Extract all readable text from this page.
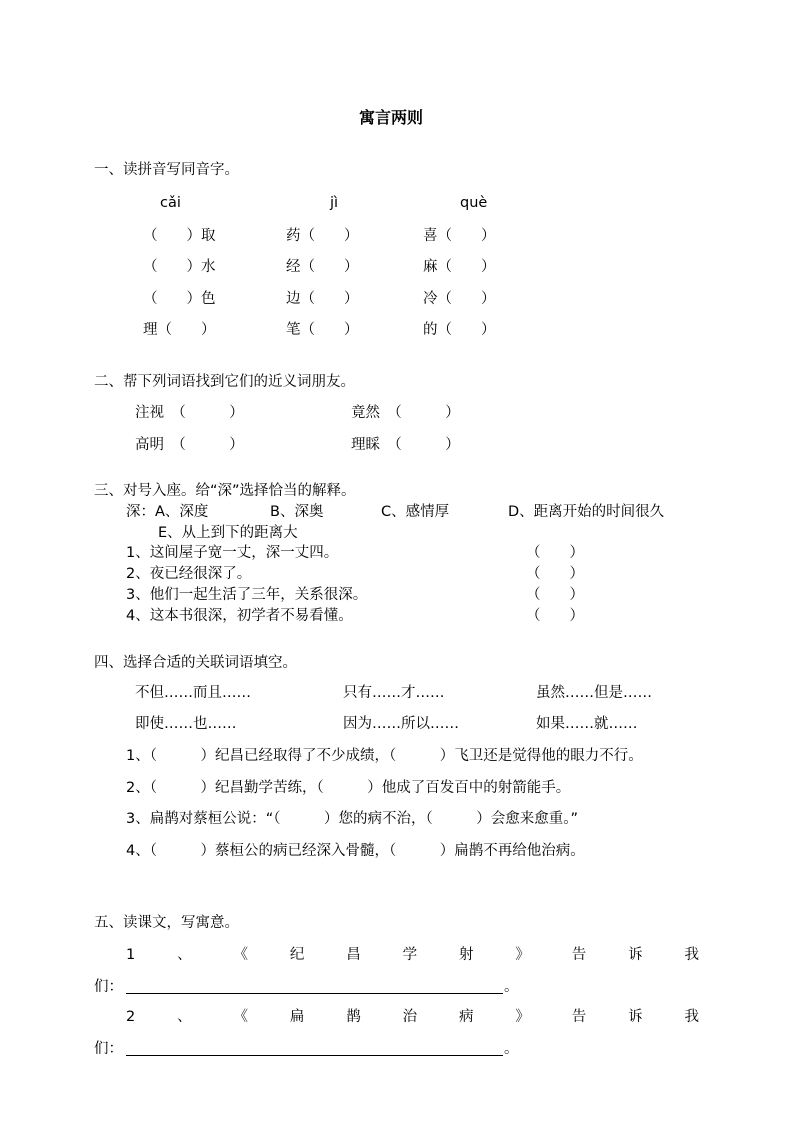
寓言两则
一、读拼音写同音字。
cǎi	jì	què
（　　）取	药（　　）	喜（　　）
（　　）水	经（　　）	麻（　　）
（　　）色	边（　　）	冷（　　）
理（　　）	笔（　　）	的（　　）
二、帮下列词语找到它们的近义词朋友。
注视　（　　　）	竟然　（　　　）
高明　（　　　）	理睬　（　　　）
三、对号入座。给“深”选择恰当的解释。
深：A、深度	B、深奥	C、感情厚	D、距离开始的时间很久
E、从上到下的距离大
1、这间屋子宽一丈，深一丈四。	（　　）
2、夜已经很深了。	（　　）
3、他们一起生活了三年，关系很深。	（　　）
4、这本书很深，初学者不易看懂。	（　　）
四、选择合适的关联词语填空。
不但……而且……	只有……才……	虽然……但是……
即使……也……	因为……所以……	如果……就……
1、（　　　）纪昌已经取得了不少成绩，（　　　）飞卫还是觉得他的眼力不行。
2、（　　　）纪昌勤学苦练，（　　　）他成了百发百中的射箭能手。
3、扁鹊对蔡桓公说：“（　　　）您的病不治，（　　　）会愈来愈重。”
4、（　　　）蔡桓公的病已经深入骨髓，（　　　）扁鹊不再给他治病。
五、读课文，写寓意。
1	、	《	纪	昌	学	射	》	告	诉	我
们：	。
2	、	《	扁	鹊	治	病	》	告	诉	我
们：	。
